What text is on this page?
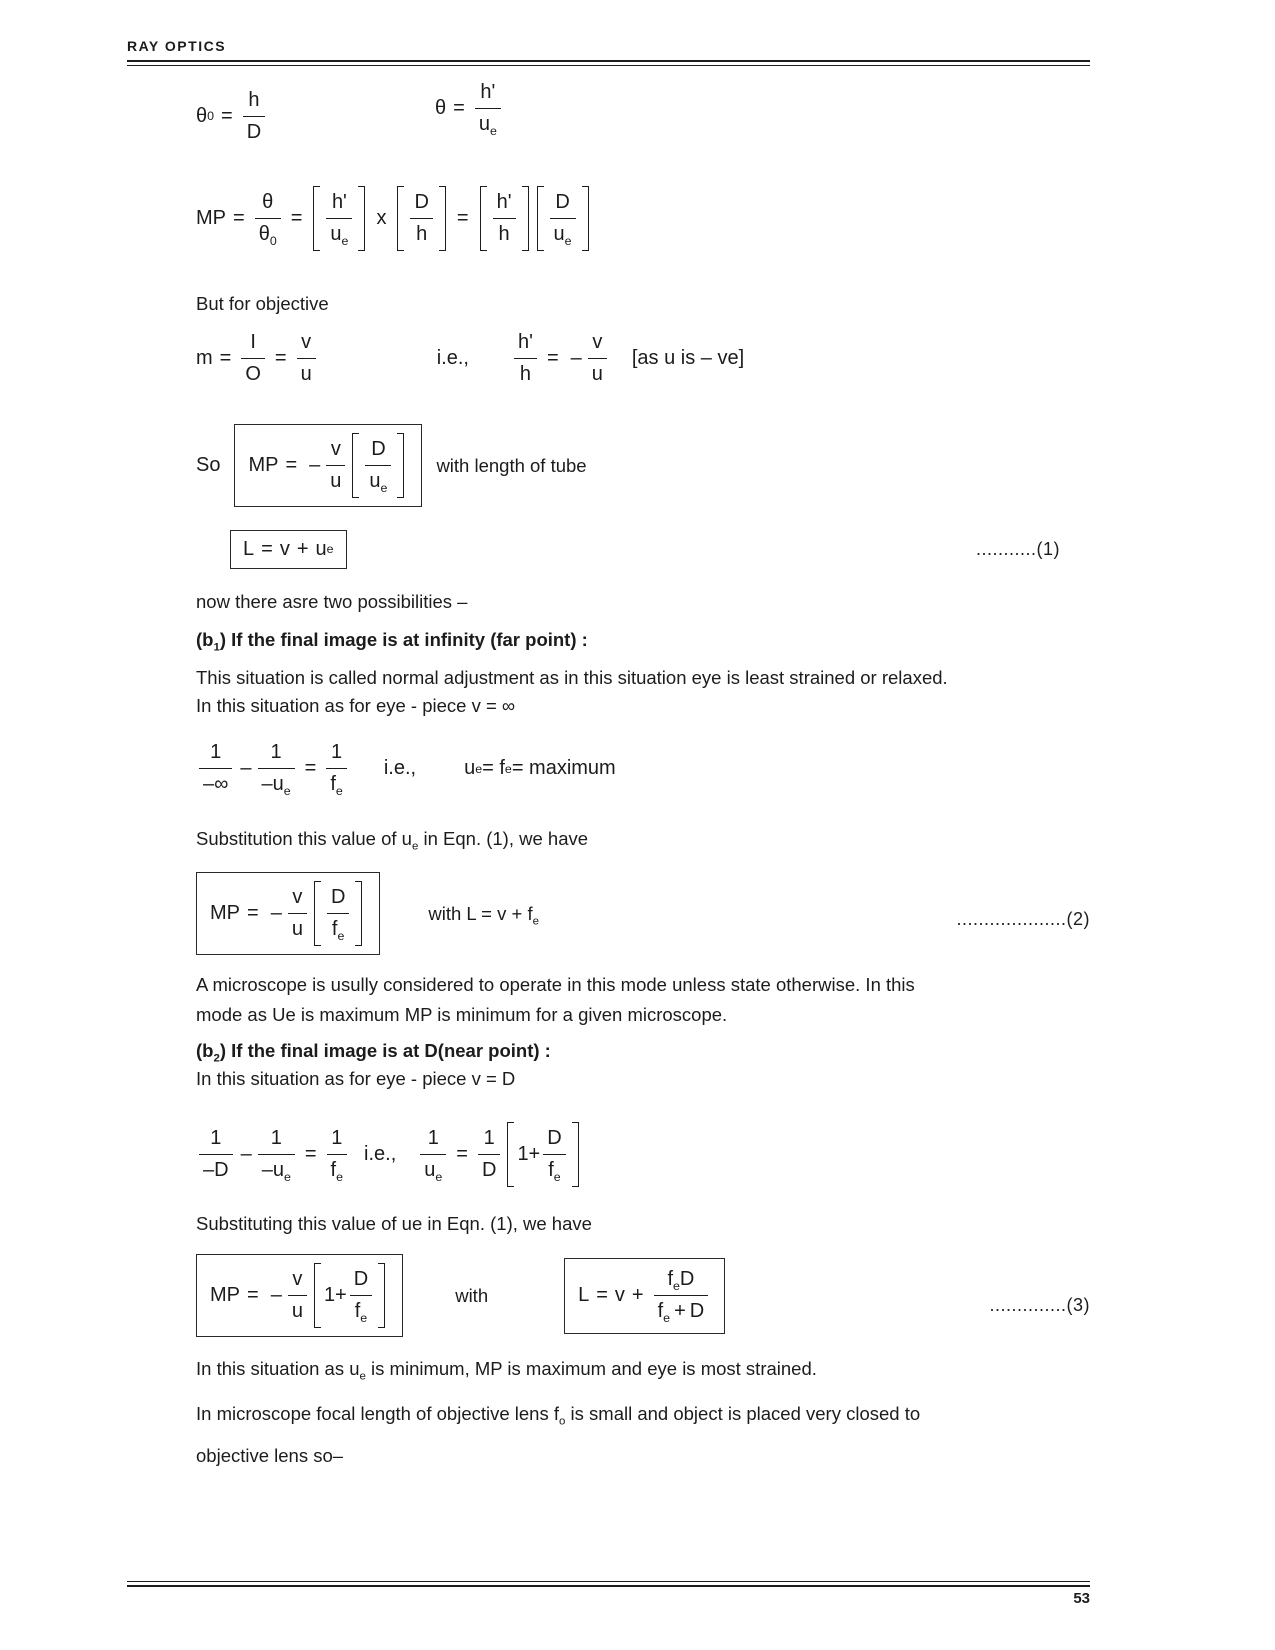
RAY OPTICS
θ $0 = \frac{h}{D}$	$\theta = \frac{h'}{u_e}$
MP = $\frac{\theta}{\theta_0} = \frac{h'}{u_e}$ x $\frac{D}{h} = \frac{h'}{h} \frac{D}{u_e}$
But for objective
$m = \frac{I}{O} = \frac{v}{u}$	i.e., $\frac{h'}{h}$ = – $\frac{v}{u} [as$ u is – ve]
So MP = – $\frac{v}{u} \frac{D}{u_e}$ with length of tube
L = v + u e	...........(1)
now there asre two possibilities –
$(b_1)$ If the final image is at infinity (far point) :
This situation is called normal adjustment as in this situation eye is least strained or relaxed.
In this situation as for eye - piece v = ∞
$\frac{1}{-\infty} - \frac{1}{-u_e} = \frac{1}{f_e} i.e$., u e = f e = maximum
Substitution this value of $u_e$ in Eqn. (1), we have
MP = – $\frac{v}{u} \frac{D}{f_e}$	with $L = v + f_e$	....................(2)
A microscope is usully considered to operate in this mode unless state otherwise. In this
mode as Ue is maximum MP is minimum for a given microscope.
$(b_2)$ If the final image is at D(near point) :
In this situation as for eye - piece v = D
$\frac{1}{-D} - \frac{1}{-u_e} = \frac{1}{f_e} i.e$., $\frac{1}{u_e} = \frac{1}{D} 1+ \frac{D}{f_e}$
Substituting this value of ue in Eqn. (1), we have
MP = – $\frac{v}{u} 1+ \frac{D}{f_e}$	with	$L = v + \frac{f_eD}{f_e + D}$	..............(3)
In this situation as $u_e$ is minimum, MP is maximum and eye is most strained.
In microscope focal length of objective lens $f_o$ is small and object is placed very closed to
objective lens so–
53
